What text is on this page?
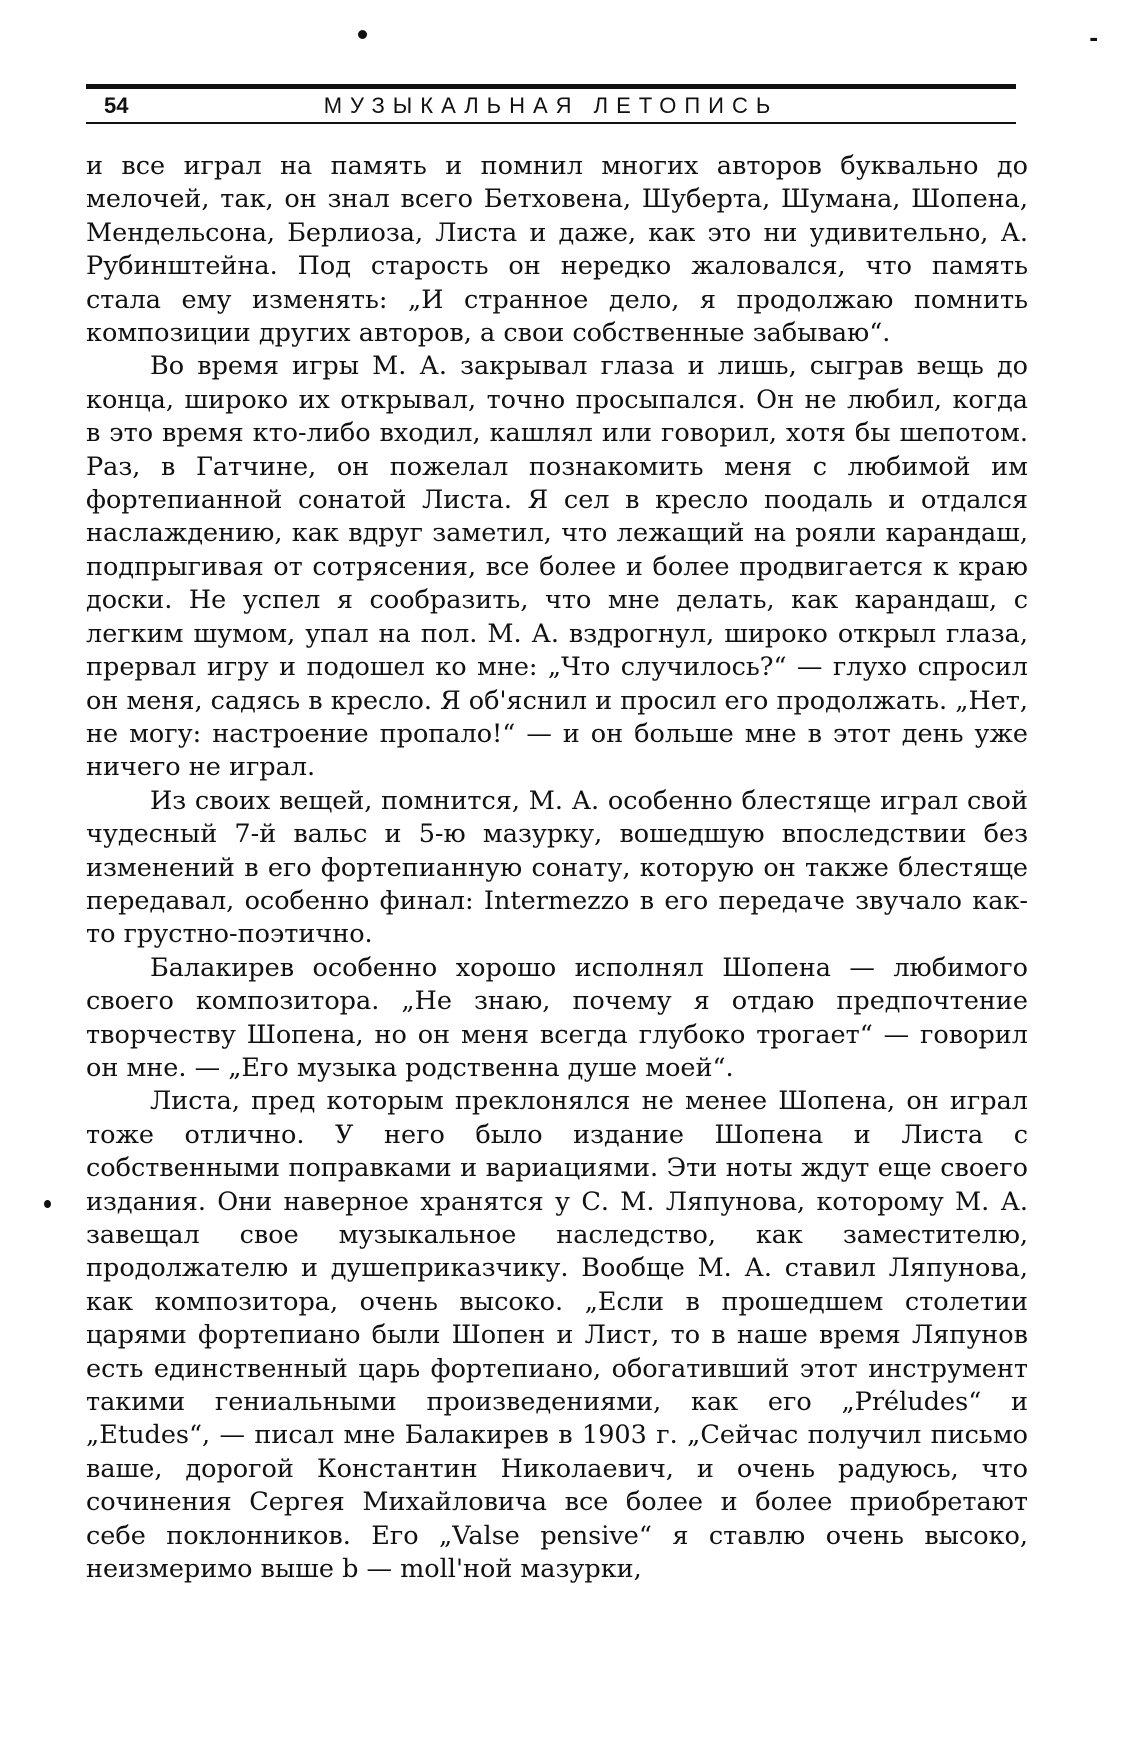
-
54	МУЗЫКАЛЬНАЯ ЛЕТОПИСЬ

и все играл на память и помнил многих авторов буквально до мелочей, так, он знал всего Бетховена, Шуберта, Шумана, Шопена, Мендельсона, Берлиоза, Листа и даже, как это ни удивительно, А. Рубинштейна. Под старость он нередко жаловался, что память стала ему изменять: „И странное дело, я продолжаю помнить композиции других авторов, а свои собственные забываю“.

Во время игры М. А. закрывал глаза и лишь, сыграв вещь до конца, широко их открывал, точно просыпался. Он не любил, когда в это время кто-либо входил, кашлял или говорил, хотя бы шепотом. Раз, в Гатчине, он пожелал познакомить меня с любимой им фортепианной сонатой Листа. Я сел в кресло поодаль и отдался наслаждению, как вдруг заметил, что лежащий на рояли карандаш, подпрыгивая от сотрясения, все более и более продвигается к краю доски. Не успел я сообразить, что мне делать, как карандаш, с легким шумом, упал на пол. М. А. вздрогнул, широко открыл глаза, прервал игру и подошел ко мне: „Что случилось?“ — глухо спросил он меня, садясь в кресло. Я об'яснил и просил его продолжать. „Нет, не могу: настроение пропало!“ — и он больше мне в этот день уже ничего не играл.

Из своих вещей, помнится, М. А. особенно блестяще играл свой чудесный 7-й вальс и 5-ю мазурку, вошедшую впоследствии без изменений в его фортепианную сонату, которую он также блестяще передавал, особенно финал: Intermezzo в его передаче звучало как-то грустно-поэтично.

Балакирев особенно хорошо исполнял Шопена — любимого своего композитора. „Не знаю, почему я отдаю предпочтение творчеству Шопена, но он меня всегда глубоко трогает“ — говорил он мне. — „Его музыка родственна душе моей“.

Листа, пред которым преклонялся не менее Шопена, он играл тоже отлично. У него было издание Шопена и Листа с собственными поправками и вариациями. Эти ноты ждут еще своего издания. Они наверное хранятся у С. М. Ляпунова, которому М. А. завещал свое музыкальное наследство, как заместителю, продолжателю и душеприказчику. Вообще М. А. ставил Ляпунова, как композитора, очень высоко. „Если в прошедшем столетии царями фортепиано были Шопен и Лист, то в наше время Ляпунов есть единственный царь фортепиано, обогативший этот инструмент такими гениальными произведениями, как его „Préludes“ и „Etudes“, — писал мне Балакирев в 1903 г. „Сейчас получил письмо ваше, дорогой Константин Николаевич, и очень радуюсь, что сочинения Сергея Михайловича все более и более приобретают себе поклонников. Его „Valse pensive“ я ставлю очень высоко, неизмеримо выше b — moll'ной мазурки,
